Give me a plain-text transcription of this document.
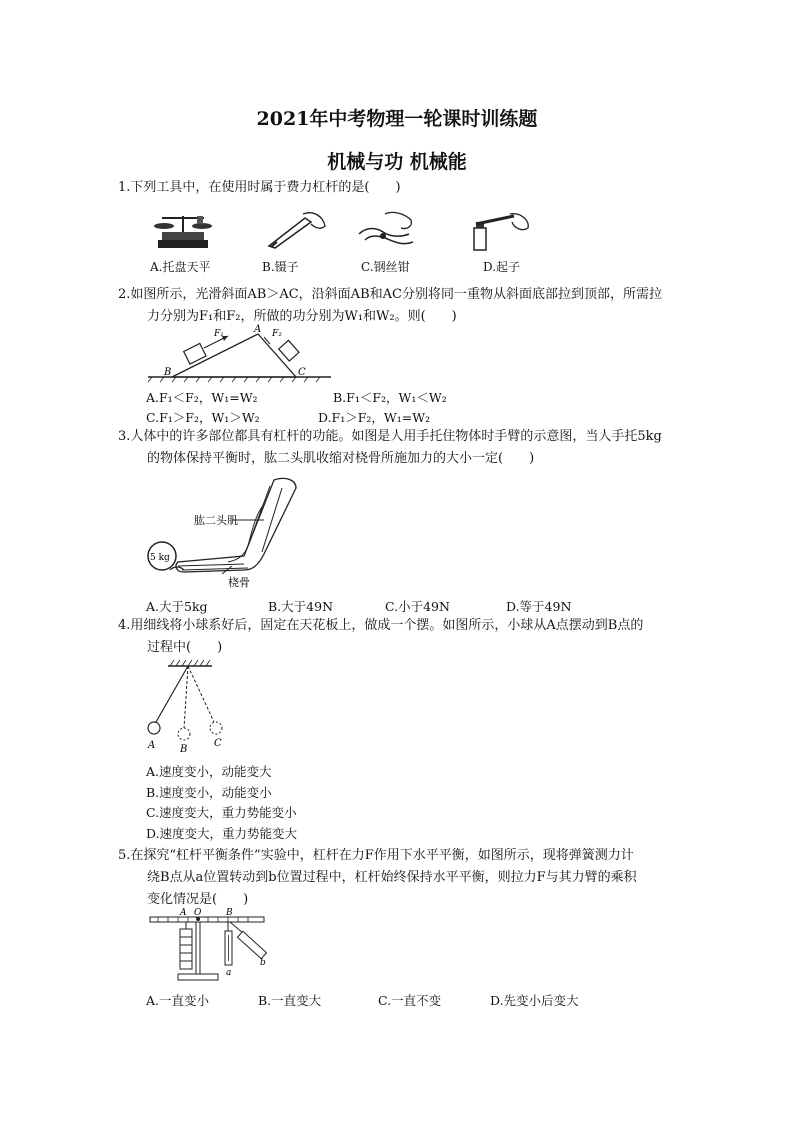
2021年中考物理一轮课时训练题
机械与功 机械能
1.下列工具中，在使用时属于费力杠杆的是(　　)
A.托盘天平	B.镊子	C.钢丝钳	D.起子
2.如图所示，光滑斜面AB＞AC，沿斜面AB和AC分别将同一重物从斜面底部拉到顶部，所需拉
力分别为F₁和F₂，所做的功分别为W₁和W₂。则(　　)
A
B	C
F₁	F₂
A.F₁＜F₂，W₁=W₂	B.F₁＜F₂，W₁＜W₂
C.F₁＞F₂，W₁＞W₂	D.F₁＞F₂，W₁=W₂
3.人体中的许多部位都具有杠杆的功能。如图是人用手托住物体时手臂的示意图，当人手托5kg
的物体保持平衡时，肱二头肌收缩对桡骨所施加力的大小一定(　　)
5 kg
肱二头肌
桡骨
A.大于5kg	B.大于49N	C.小于49N	D.等于49N
4.用细线将小球系好后，固定在天花板上，做成一个摆。如图所示，小球从A点摆动到B点的
过程中(　　)
A B
C
A.速度变小，动能变大
B.速度变小，动能变小
C.速度变大，重力势能变小
D.速度变大，重力势能变大
5.在探究“杠杆平衡条件”实验中，杠杆在力F作用下水平平衡，如图所示，现将弹簧测力计
绕B点从a位置转动到b位置过程中，杠杆始终保持水平平衡，则拉力F与其力臂的乘积
变化情况是(　　)
A O	B
a
b
A.一直变小	B.一直变大	C.一直不变	D.先变小后变大
